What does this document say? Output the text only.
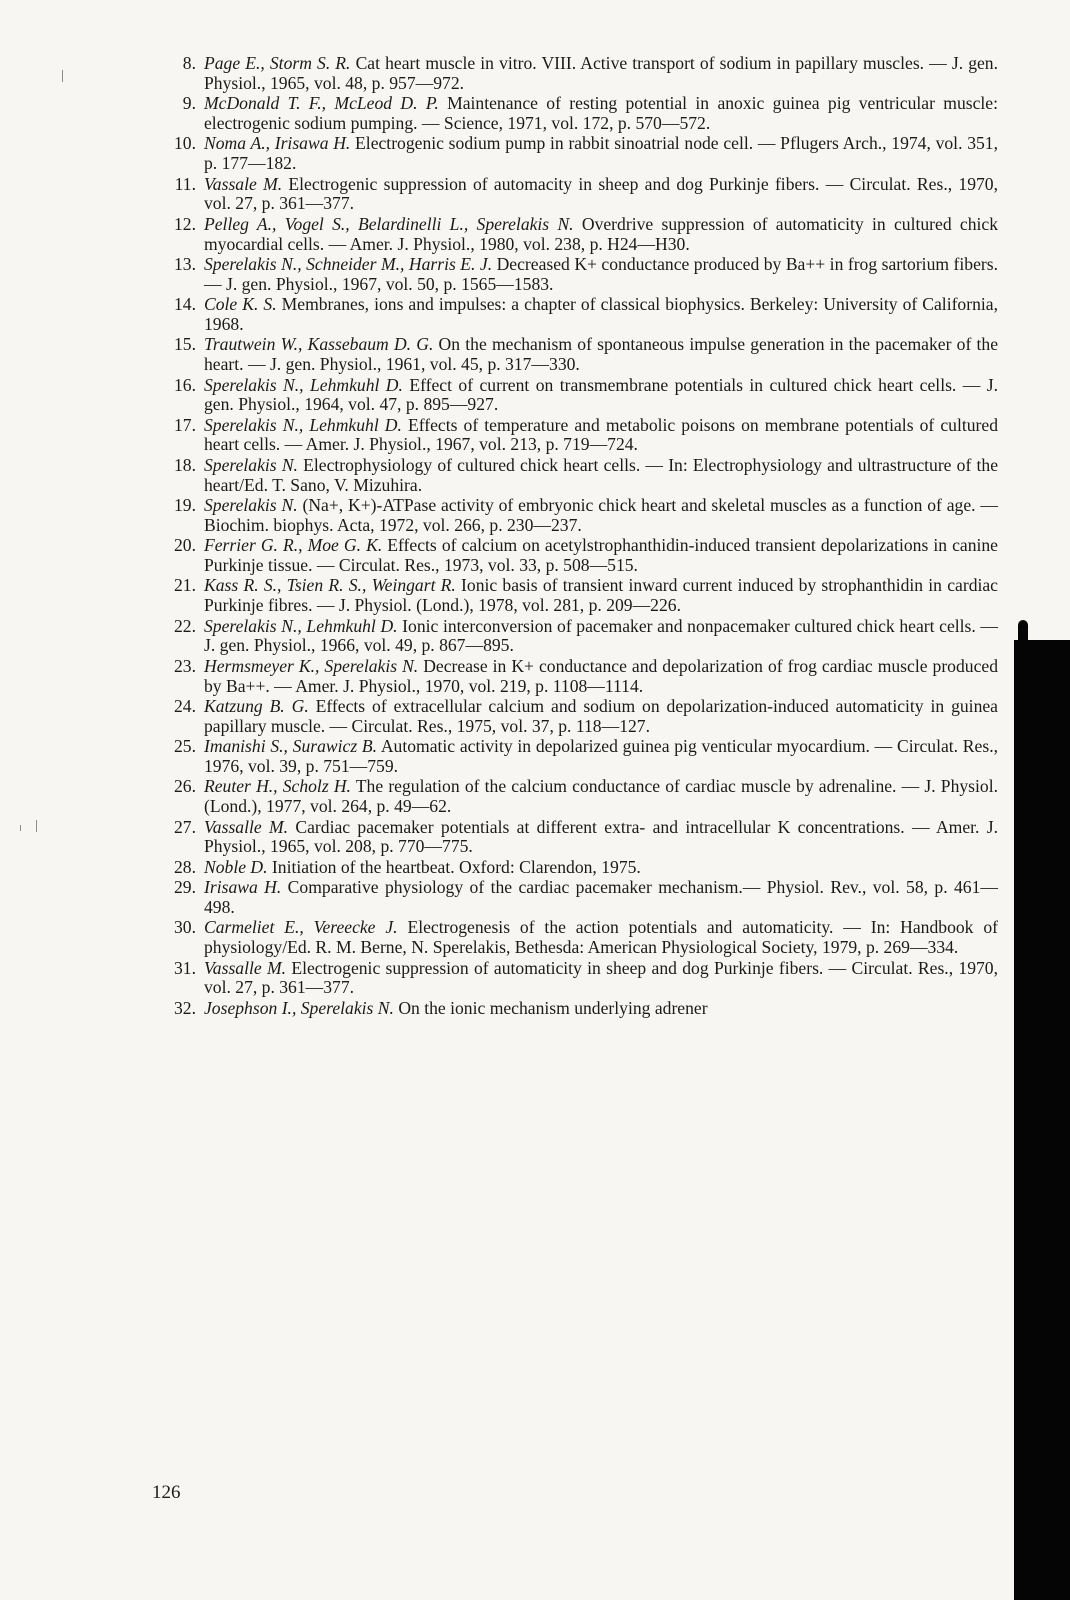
8. Page E., Storm S. R. Cat heart muscle in vitro. VIII. Active transport of sodium in papillary muscles. — J. gen. Physiol., 1965, vol. 48, p. 957—972.
9. McDonald T. F., McLeod D. P. Maintenance of resting potential in anoxic guinea pig ventricular muscle: electrogenic sodium pumping. — Science, 1971, vol. 172, p. 570—572.
10. Noma A., Irisawa H. Electrogenic sodium pump in rabbit sinoatrial node cell. — Pflugers Arch., 1974, vol. 351, p. 177—182.
11. Vassale M. Electrogenic suppression of automacity in sheep and dog Purkinje fibers. — Circulat. Res., 1970, vol. 27, p. 361—377.
12. Pelleg A., Vogel S., Belardinelli L., Sperelakis N. Overdrive suppression of automaticity in cultured chick myocardial cells. — Amer. J. Physiol., 1980, vol. 238, p. H24—H30.
13. Sperelakis N., Schneider M., Harris E. J. Decreased K+ conductance produced by Ba++ in frog sartorium fibers. — J. gen. Physiol., 1967, vol. 50, p. 1565—1583.
14. Cole K. S. Membranes, ions and impulses: a chapter of classical biophysics. Berkeley: University of California, 1968.
15. Trautwein W., Kassebaum D. G. On the mechanism of spontaneous impulse generation in the pacemaker of the heart. — J. gen. Physiol., 1961, vol. 45, p. 317—330.
16. Sperelakis N., Lehmkuhl D. Effect of current on transmembrane potentials in cultured chick heart cells. — J. gen. Physiol., 1964, vol. 47, p. 895—927.
17. Sperelakis N., Lehmkuhl D. Effects of temperature and metabolic poisons on membrane potentials of cultured heart cells. — Amer. J. Physiol., 1967, vol. 213, p. 719—724.
18. Sperelakis N. Electrophysiology of cultured chick heart cells. — In: Electrophysiology and ultrastructure of the heart/Ed. T. Sano, V. Mizuhira.
19. Sperelakis N. (Na+, K+)-ATPase activity of embryonic chick heart and skeletal muscles as a function of age. — Biochim. biophys. Acta, 1972, vol. 266, p. 230—237.
20. Ferrier G. R., Moe G. K. Effects of calcium on acetylstrophanthidin-induced transient depolarizations in canine Purkinje tissue. — Circulat. Res., 1973, vol. 33, p. 508—515.
21. Kass R. S., Tsien R. S., Weingart R. Ionic basis of transient inward current induced by strophanthidin in cardiac Purkinje fibres. — J. Physiol. (Lond.), 1978, vol. 281, p. 209—226.
22. Sperelakis N., Lehmkuhl D. Ionic interconversion of pacemaker and nonpacemaker cultured chick heart cells. — J. gen. Physiol., 1966, vol. 49, p. 867—895.
23. Hermsmeyer K., Sperelakis N. Decrease in K+ conductance and depolarization of frog cardiac muscle produced by Ba++. — Amer. J. Physiol., 1970, vol. 219, p. 1108—1114.
24. Katzung B. G. Effects of extracellular calcium and sodium on depolarization-induced automaticity in guinea papillary muscle. — Circulat. Res., 1975, vol. 37, p. 118—127.
25. Imanishi S., Surawicz B. Automatic activity in depolarized guinea pig venticular myocardium. — Circulat. Res., 1976, vol. 39, p. 751—759.
26. Reuter H., Scholz H. The regulation of the calcium conductance of cardiac muscle by adrenaline. — J. Physiol. (Lond.), 1977, vol. 264, p. 49—62.
27. Vassalle M. Cardiac pacemaker potentials at different extra- and intracellular K concentrations. — Amer. J. Physiol., 1965, vol. 208, p. 770—775.
28. Noble D. Initiation of the heartbeat. Oxford: Clarendon, 1975.
29. Irisawa H. Comparative physiology of the cardiac pacemaker mechanism.— Physiol. Rev., vol. 58, p. 461—498.
30. Carmeliet E., Vereecke J. Electrogenesis of the action potentials and automaticity. — In: Handbook of physiology/Ed. R. M. Berne, N. Sperelakis, Bethesda: American Physiological Society, 1979, p. 269—334.
31. Vassalle M. Electrogenic suppression of automaticity in sheep and dog Purkinje fibers. — Circulat. Res., 1970, vol. 27, p. 361—377.
32. Josephson I., Sperelakis N. On the ionic mechanism underlying adrener
126
